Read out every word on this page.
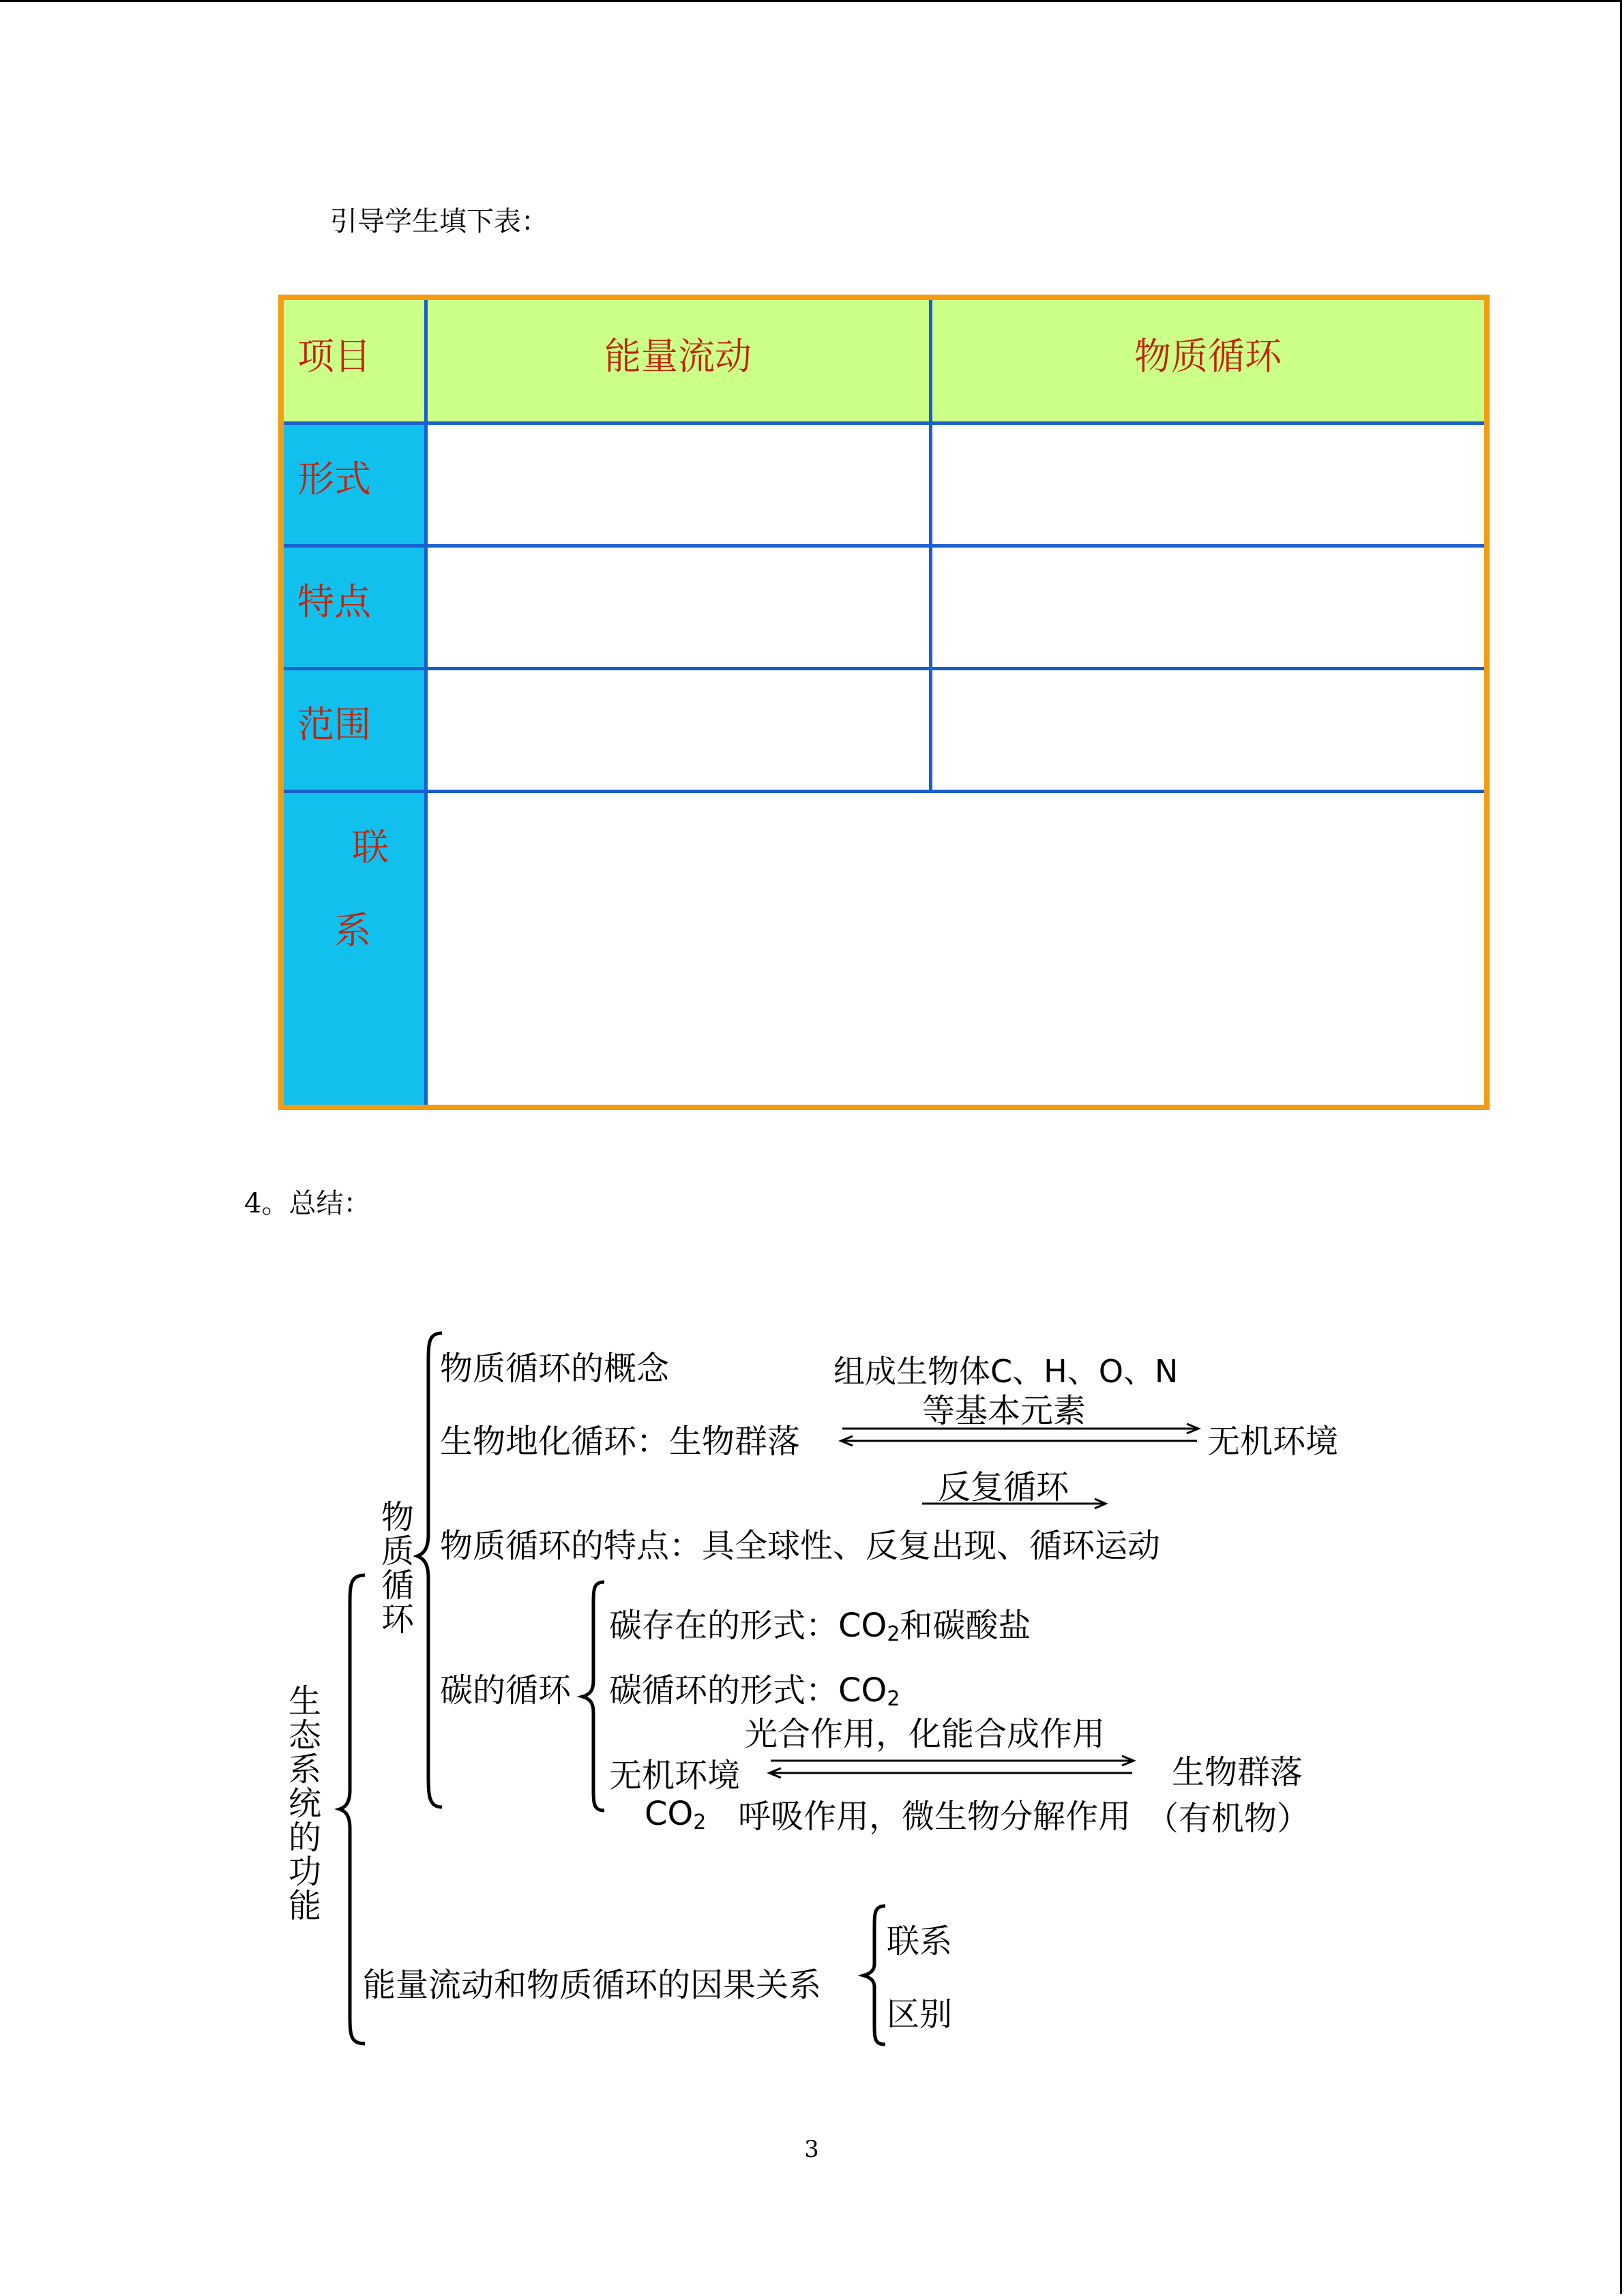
引导学生填下表：
项目	能量流动	物质循环
形式
特点
范围
联
系
4。总结：
生态系统的功能
物质循环
物质循环的概念	组成生物体C、H、O、N
等基本元素
生物地化循环：生物群落	无机环境
反复循环
物质循环的特点：具全球性、反复出现、循环运动
碳的循环
碳存在的形式：CO2和碳酸盐
碳循环的形式：CO2
光合作用，化能合成作用
无机环境	生物群落
CO2 呼吸作用，微生物分解作用 （有机物）
能量流动和物质循环的因果关系
联系
区别
3
